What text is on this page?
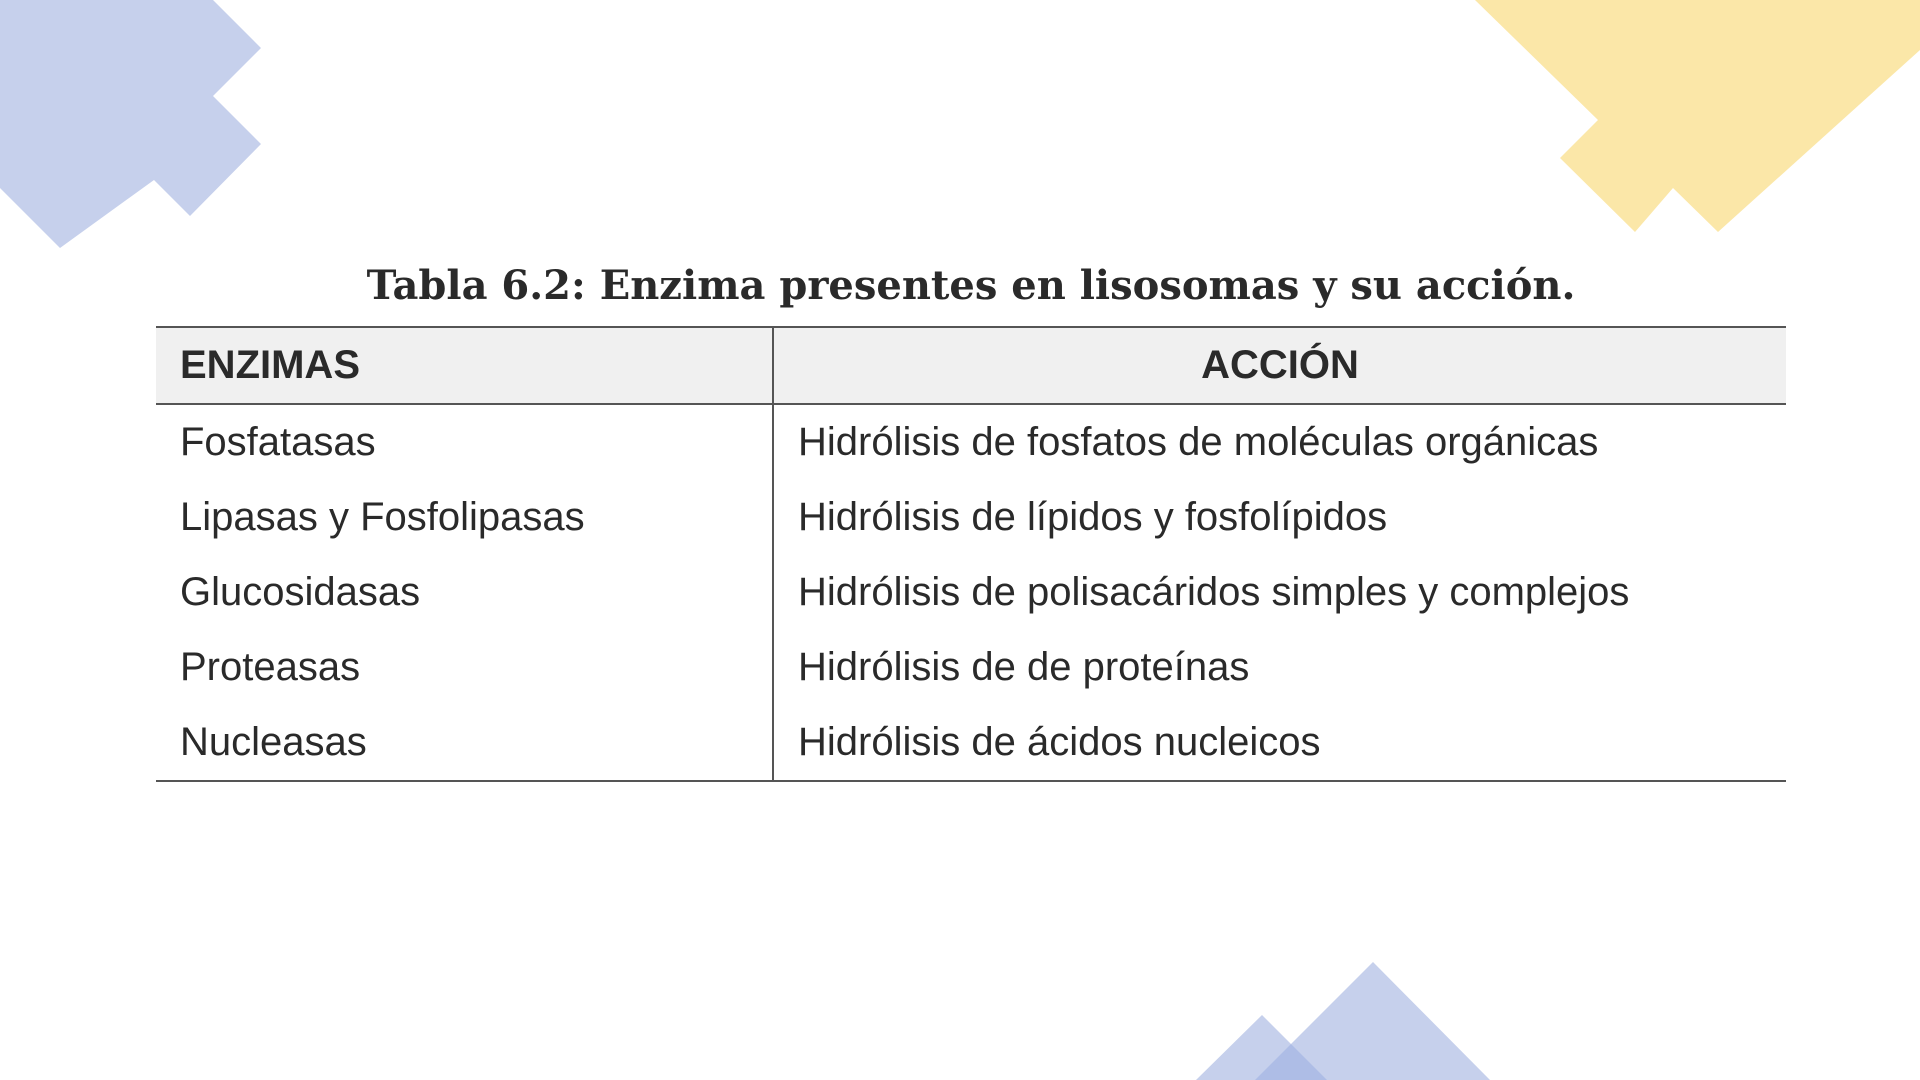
Tabla 6.2: Enzima presentes en lisosomas y su acción.
ENZIMAS	ACCIÓN
Fosfatasas	Hidrólisis de fosfatos de moléculas orgánicas
Lipasas y Fosfolipasas	Hidrólisis de lípidos y fosfolípidos
Glucosidasas	Hidrólisis de polisacáridos simples y complejos
Proteasas	Hidrólisis de de proteínas
Nucleasas	Hidrólisis de ácidos nucleicos
